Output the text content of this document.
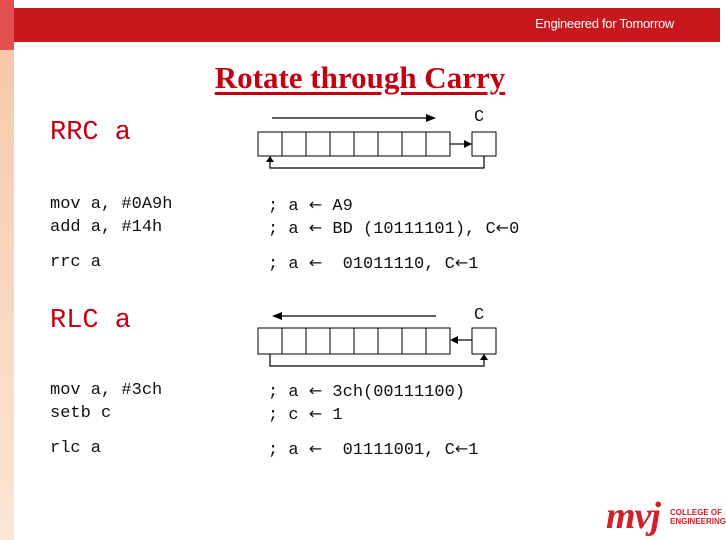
Engineered for Tomorrow
Rotate through Carry
RRC a
C
mov a, #0A9h	; a ← A9
add a, #14h	; a ← BD (10111101), C←0
rrc a	; a ←  01011110, C←1
RLC a	C
mov a, #3ch	; a ← 3ch(00111100)
setb c	; c ← 1
rlc a	; a ←  01111001, C←1
mvj COLLEGE OF
ENGINEERING
